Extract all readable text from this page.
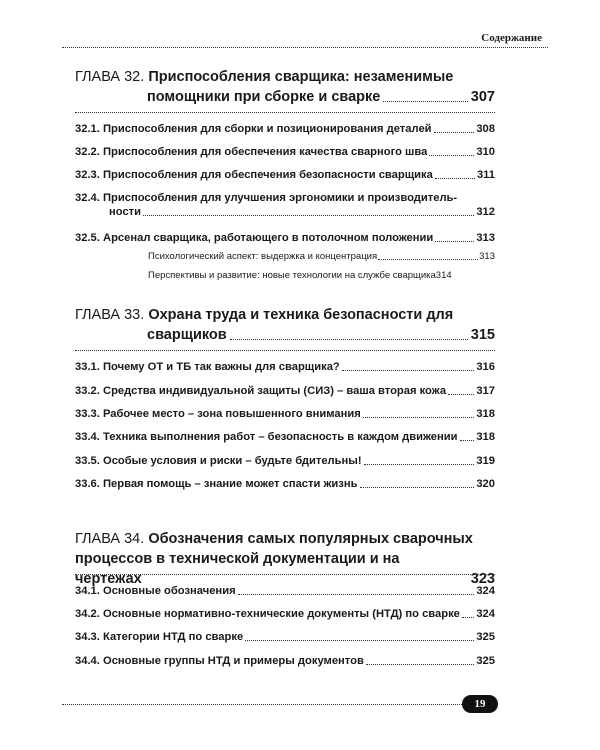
Содержание
ГЛАВА 32. Приспособления сварщика: незаменимые
помощники при сборке и сварке	307
32.1. Приспособления для сборки и позиционирования деталей	308
32.2. Приспособления для обеспечения качества сварного шва	310
32.3. Приспособления для обеспечения безопасности сварщика	311
32.4. Приспособления для улучшения эргономики и производитель-
ности	312
32.5. Арсенал сварщика, работающего в потолочном положении	313
Психологический аспект: выдержка и концентрация	313
Перспективы и развитие: новые технологии на службе сварщика 314
ГЛАВА 33. Охрана труда и техника безопасности для
сварщиков	315
33.1. Почему ОТ и ТБ так важны для сварщика?	316
33.2. Средства индивидуальной защиты (СИЗ) – ваша вторая кожа	317
33.3. Рабочее место – зона повышенного внимания	318
33.4. Техника выполнения работ – безопасность в каждом движении 318
33.5. Особые условия и риски – будьте бдительны!	319
33.6. Первая помощь – знание может спасти жизнь	320
ГЛАВА 34. Обозначения самых популярных сварочных
процессов в технической документации и на чертежах	323
34.1. Основные обозначения	324
34.2. Основные нормативно-технические документы (НТД) по сварке 324
34.3. Категории НТД по сварке	325
34.4. Основные группы НТД и примеры документов	325
19
